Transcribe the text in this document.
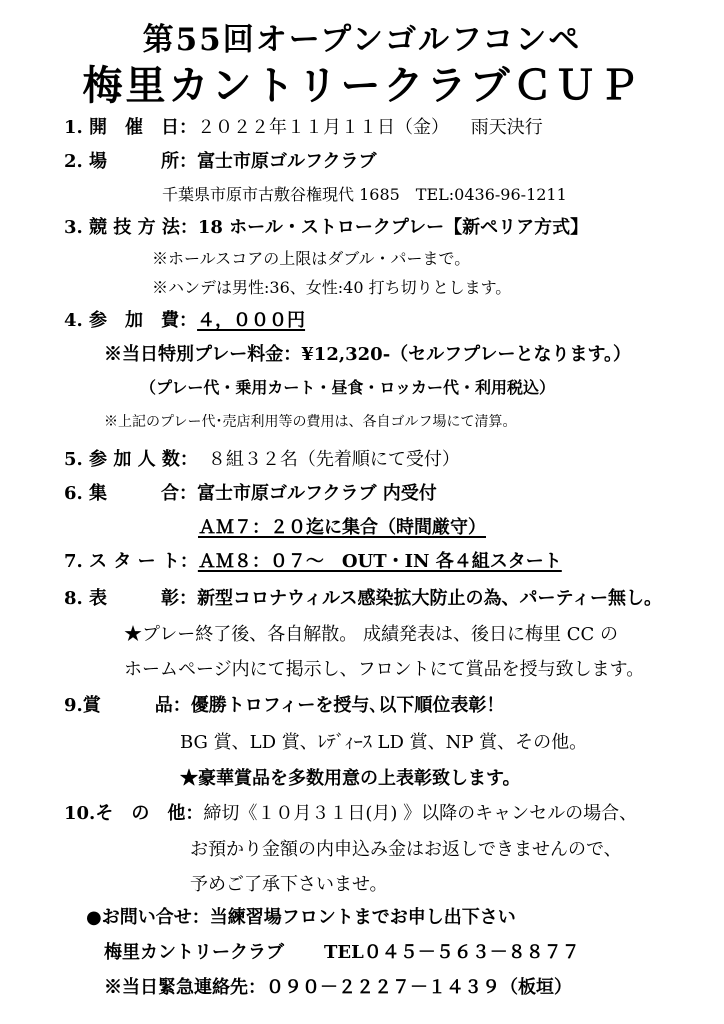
第55回オープンゴルフコンペ
梅里カントリークラブＣＵＰ
1. 開　催　日：２０２２年１１月１１日（金） 雨天決行
2. 場　　　所：富士市原ゴルフクラブ
千葉県市原市古敷谷権現代 1685　TEL:0436-96-1211
3. 競 技 方 法：18 ホール・ストロークプレー【新ペリア方式】
※ホールスコアの上限はダブル・パーまで。
※ハンデは男性:36、女性:40 打ち切りとします。
4. 参　加　費：４，０００円
※当日特別プレー料金：¥12,320-（セルフプレーとなります。）
（プレー代・乗用カート・昼食・ロッカー代・利用税込）
※上記のプレー代･売店利用等の費用は、各自ゴルフ場にて清算。
5. 参 加 人 数： ８組３２名（先着順にて受付）
6. 集　　　合：富士市原ゴルフクラブ 内受付
ＡＭ７：２０迄に集合（時間厳守）
7. ス タ ー ト：ＡＭ８：０７～　OUT・IN 各４組スタート
8. 表　　　彰：新型コロナウィルス感染拡大防止の為、パーティー無し。
★プレー終了後、各自解散。 成績発表は、後日に梅里 CC の
ホームページ内にて掲示し、フロントにて賞品を授与致します。
9.賞　　　品：優勝トロフィーを授与､以下順位表彰！
BG 賞、LD 賞、ﾚﾃﾞｨｰｽ LD 賞、NP 賞、その他。
★豪華賞品を多数用意の上表彰致します。
10.そ　の　他：締切《１０月３１日(月) 》以降のキャンセルの場合、
お預かり金額の内申込み金はお返しできませんので、
予めご了承下さいませ。
●お問い合せ：当練習場フロントまでお申し出下さい
梅里カントリークラブ TEL０４５－５６３－８８７７
※当日緊急連絡先：０９０－２２２７－１４３９（板垣）
